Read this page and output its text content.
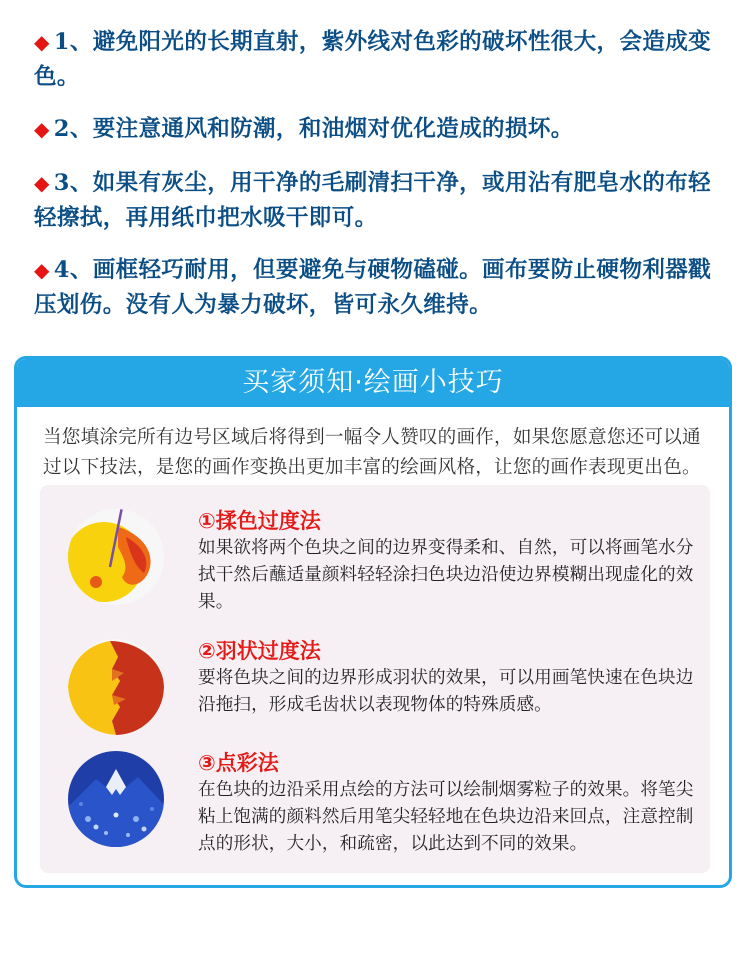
◆ 1、避免阳光的长期直射，紫外线对色彩的破坏性很大，会造成变色。
◆ 2、要注意通风和防潮，和油烟对优化造成的损坏。
◆ 3、如果有灰尘，用干净的毛刷清扫干净，或用沾有肥皂水的布轻轻擦拭，再用纸巾把水吸干即可。
◆ 4、画框轻巧耐用，但要避免与硬物磕碰。画布要防止硬物利器戳压划伤。没有人为暴力破坏，皆可永久维持。
买家须知·绘画小技巧
当您填涂完所有边号区域后将得到一幅令人赞叹的画作，如果您愿意您还可以通过以下技法，是您的画作变换出更加丰富的绘画风格，让您的画作表现更出色。
①揉色过度法
如果欲将两个色块之间的边界变得柔和、自然，可以将画笔水分拭干然后蘸适量颜料轻轻涂扫色块边沿使边界模糊出现虚化的效果。
②羽状过度法
要将色块之间的边界形成羽状的效果，可以用画笔快速在色块边沿拖扫，形成毛齿状以表现物体的特殊质感。
③点彩法
在色块的边沿采用点绘的方法可以绘制烟雾粒子的效果。将笔尖粘上饱满的颜料然后用笔尖轻轻地在色块边沿来回点，注意控制点的形状，大小，和疏密，以此达到不同的效果。
